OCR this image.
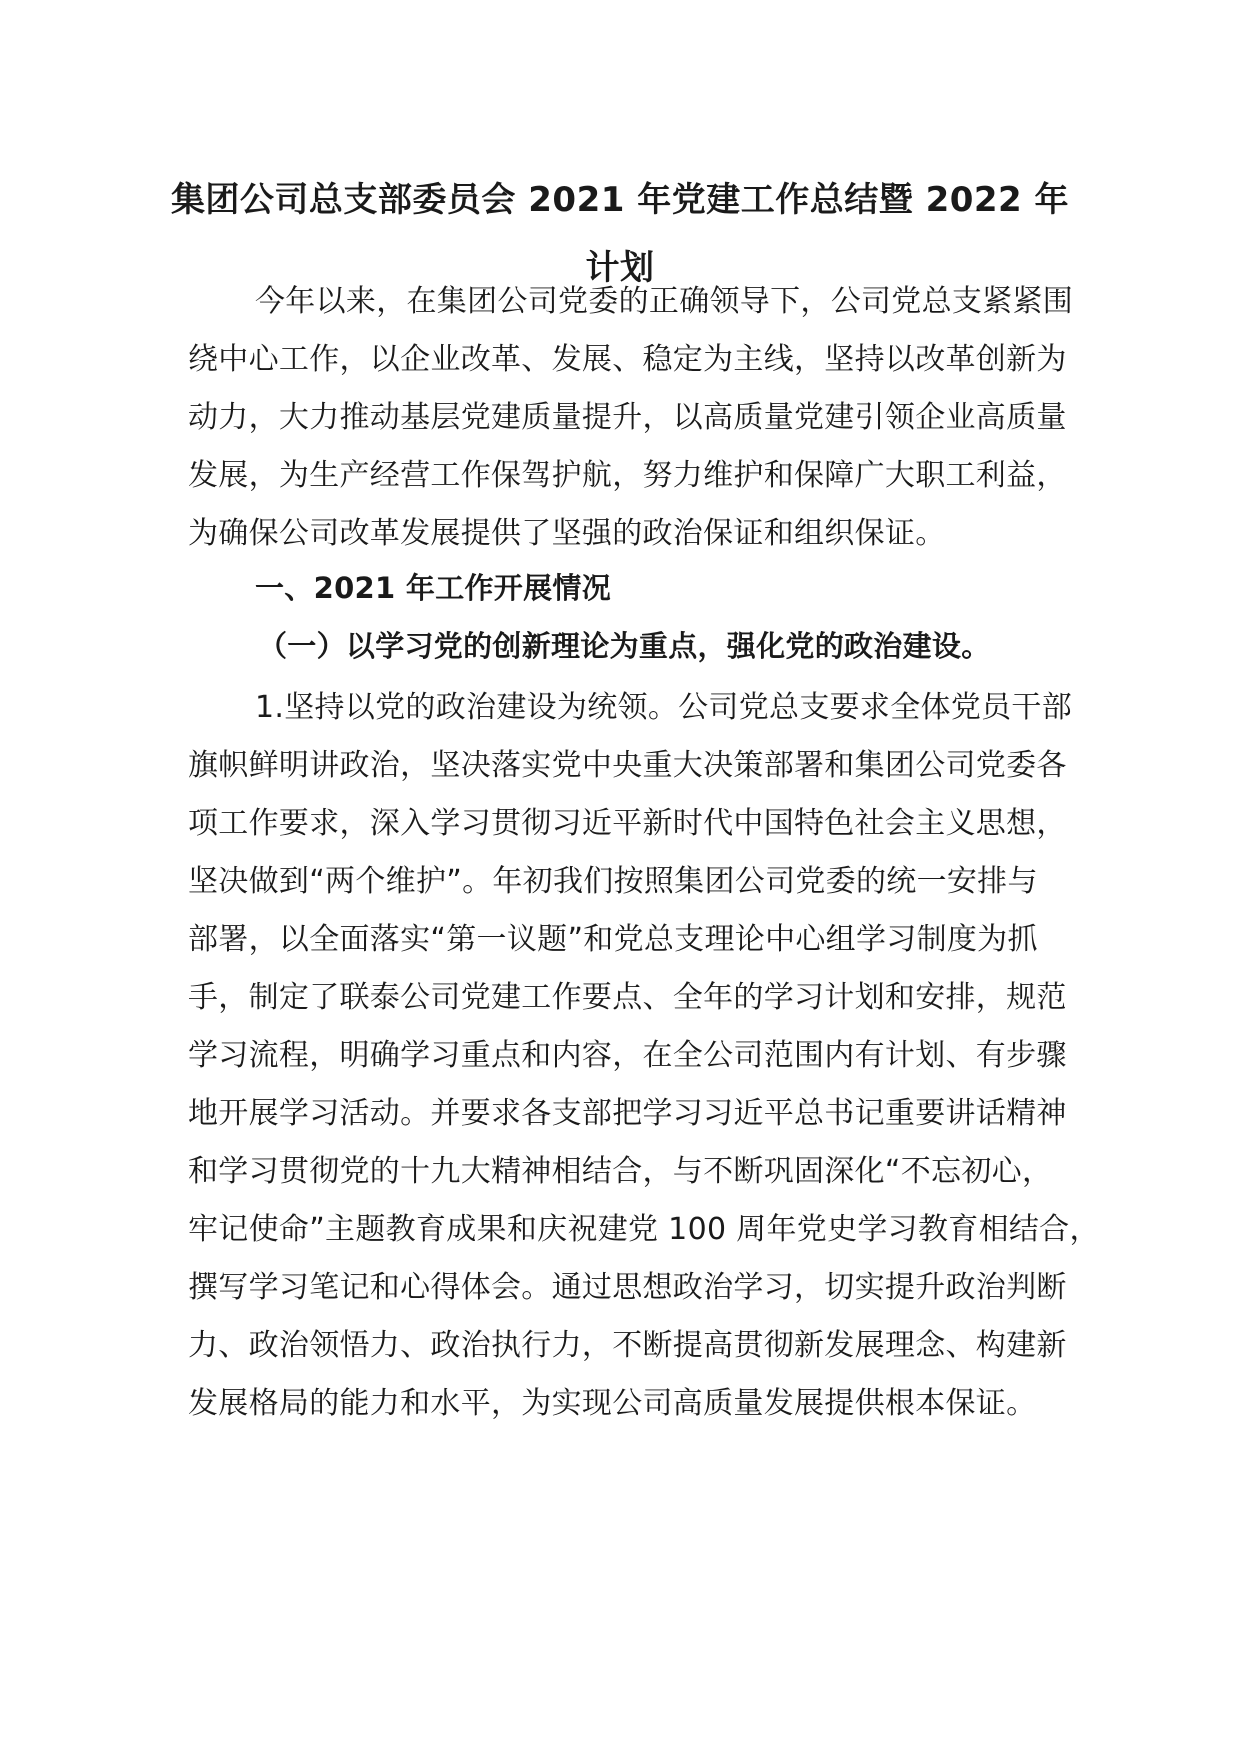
集团公司总支部委员会 2021 年党建工作总结暨 2022 年
计划

今年以来，在集团公司党委的正确领导下，公司党总支紧紧围

绕中心工作，以企业改革、发展、稳定为主线，坚持以改革创新为

动力，大力推动基层党建质量提升，以高质量党建引领企业高质量

发展，为生产经营工作保驾护航，努力维护和保障广大职工利益，

为确保公司改革发展提供了坚强的政治保证和组织保证。

一、2021 年工作开展情况

（一）以学习党的创新理论为重点，强化党的政治建设。

1.坚持以党的政治建设为统领。公司党总支要求全体党员干部

旗帜鲜明讲政治，坚决落实党中央重大决策部署和集团公司党委各

项工作要求，深入学习贯彻习近平新时代中国特色社会主义思想，

坚决做到“两个维护”。年初我们按照集团公司党委的统一安排与

部署，以全面落实“第一议题”和党总支理论中心组学习制度为抓

手，制定了联泰公司党建工作要点、全年的学习计划和安排，规范

学习流程，明确学习重点和内容，在全公司范围内有计划、有步骤

地开展学习活动。并要求各支部把学习习近平总书记重要讲话精神

和学习贯彻党的十九大精神相结合，与不断巩固深化“不忘初心，

牢记使命”主题教育成果和庆祝建党 100 周年党史学习教育相结合，

撰写学习笔记和心得体会。通过思想政治学习，切实提升政治判断

力、政治领悟力、政治执行力，不断提高贯彻新发展理念、构建新

发展格局的能力和水平，为实现公司高质量发展提供根本保证。
